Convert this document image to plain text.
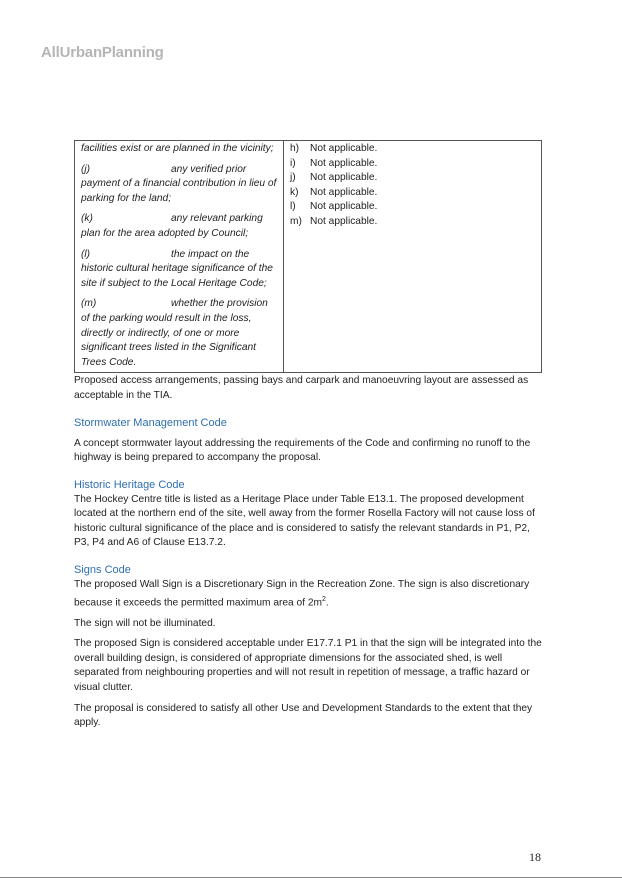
AllUrbanPlanning
facilities exist or are planned in the vicinity;
(j)	any verified prior payment of a financial contribution in lieu of parking for the land;
(k)	any relevant parking plan for the area adopted by Council;
(l)	the impact on the historic cultural heritage significance of the site if subject to the Local Heritage Code;
(m)	whether the provision of the parking would result in the loss, directly or indirectly, of one or more significant trees listed in the Significant Trees Code.

h)	Not applicable.
i)	Not applicable.
j)	Not applicable.
k)	Not applicable.
l)	Not applicable.
m) Not applicable.

Proposed access arrangements, passing bays and carpark and manoeuvring layout are assessed as acceptable in the TIA.

Stormwater Management Code

A concept stormwater layout addressing the requirements of the Code and confirming no runoff to the highway is being prepared to accompany the proposal.

Historic Heritage Code

The Hockey Centre title is listed as a Heritage Place under Table E13.1. The proposed development located at the northern end of the site, well away from the former Rosella Factory will not cause loss of historic cultural significance of the place and is considered to satisfy the relevant standards in P1, P2, P3, P4 and A6 of Clause E13.7.2.

Signs Code

The proposed Wall Sign is a Discretionary Sign in the Recreation Zone. The sign is also discretionary because it exceeds the permitted maximum area of $2m^2$.

The sign will not be illuminated.

The proposed Sign is considered acceptable under E17.7.1 P1 in that the sign will be integrated into the overall building design, is considered of appropriate dimensions for the associated shed, is well separated from neighbouring properties and will not result in repetition of message, a traffic hazard or visual clutter.

The proposal is considered to satisfy all other Use and Development Standards to the extent that they apply.

18
